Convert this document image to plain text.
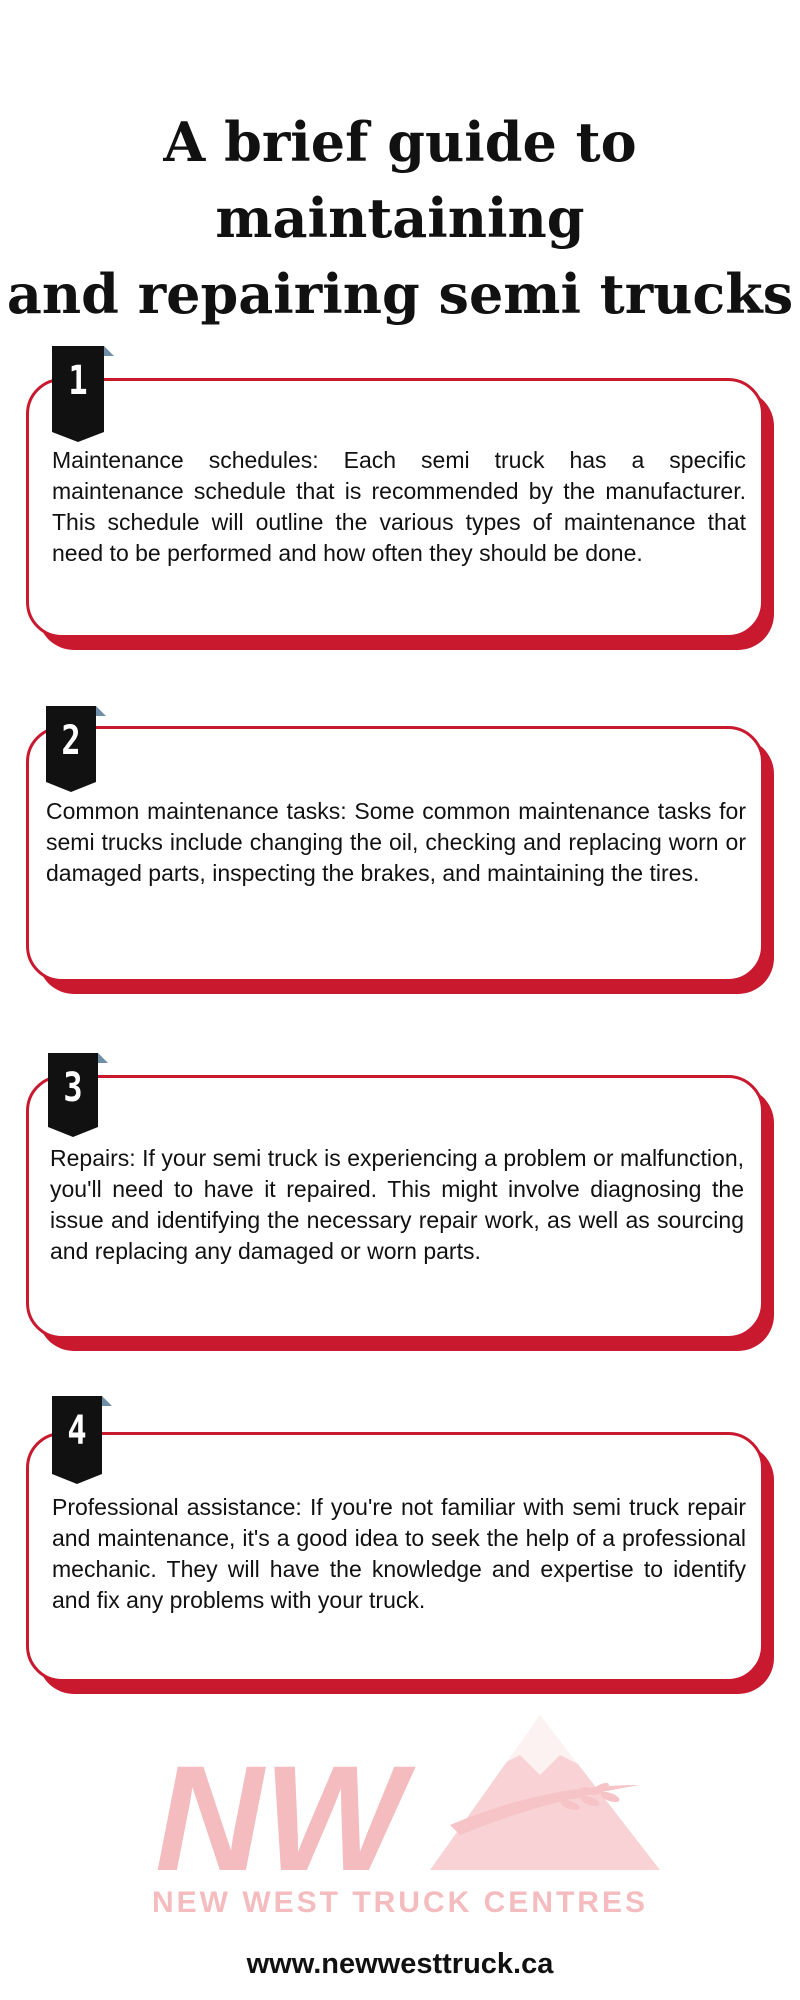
A brief guide to maintaining
and repairing semi trucks
1
Maintenance schedules: Each semi truck has a specific maintenance schedule that is recommended by the manufacturer. This schedule will outline the various types of maintenance that need to be performed and how often they should be done.
2
Common maintenance tasks: Some common maintenance tasks for semi trucks include changing the oil, checking and replacing worn or damaged parts, inspecting the brakes, and maintaining the tires.
3
Repairs: If your semi truck is experiencing a problem or malfunction, you'll need to have it repaired. This might involve diagnosing the issue and identifying the necessary repair work, as well as sourcing and replacing any damaged or worn parts.
4
Professional assistance: If you're not familiar with semi truck repair and maintenance, it's a good idea to seek the help of a professional mechanic. They will have the knowledge and expertise to identify and fix any problems with your truck.
NW
NEW WEST TRUCK CENTRES
www.newwesttruck.ca
